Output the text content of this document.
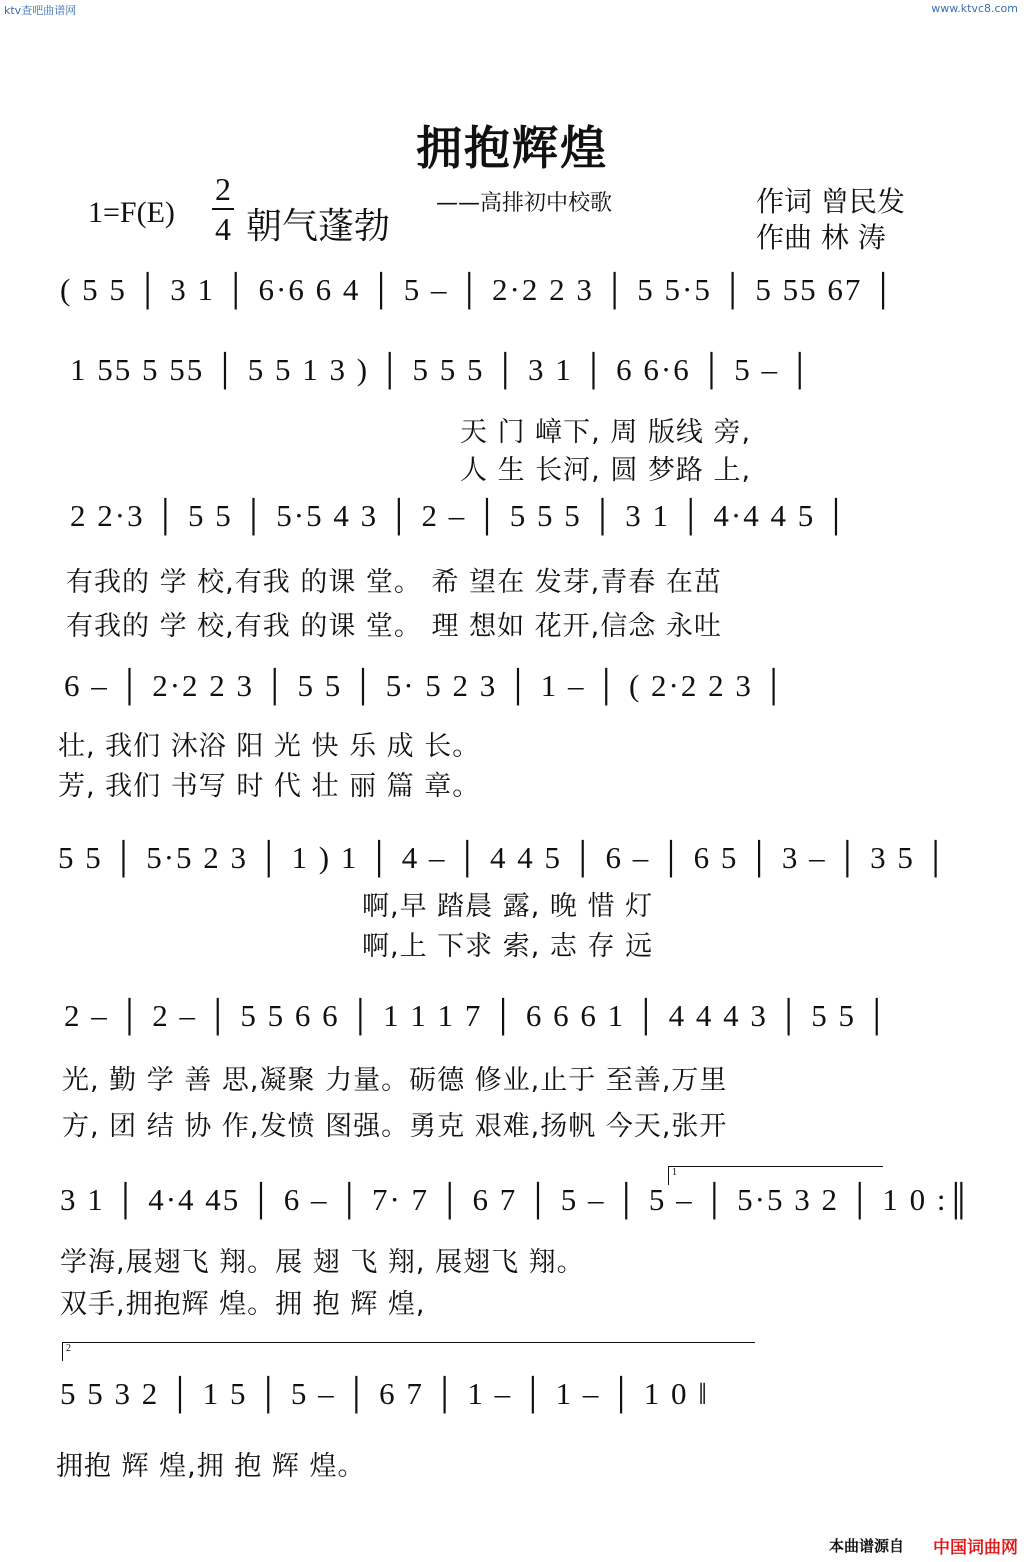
ktv查吧曲谱网	www.ktvc8.com
拥抱辉煌
1=F(E)
2
4 朝气蓬勃
——高排初中校歌	作词 曾民发
作曲 林 涛
( 5 5 │ 3 1 │ 6·6 6 4 │ 5 – │ 2·2 2 3 │ 5 5·5 │ 5 55 67 │
1 55 5 55 │ 5 5 1 3 ) │ 5 5 5 │ 3 1 │ 6 6·6 │ 5 – │
天 门 嶂下, 周 版线 旁,
人 生 长河, 圆 梦路 上,
2 2·3 │ 5 5 │ 5·5 4 3 │ 2 – │ 5 5 5 │ 3 1 │ 4·4 4 5 │
有我的 学 校,有我 的课 堂。 希 望在 发芽,青春 在茁
有我的 学 校,有我 的课 堂。 理 想如 花开,信念 永吐
6 – │ 2·2 2 3 │ 5 5 │ 5· 5 2 3 │ 1 – │ ( 2·2 2 3 │
壮, 我们 沐浴 阳 光 快 乐 成 长。
芳, 我们 书写 时 代 壮 丽 篇 章。
5 5 │ 5·5 2 3 │ 1 ) 1 │ 4 – │ 4 4 5 │ 6 – │ 6 5 │ 3 – │ 3 5 │
啊,早 踏晨 露, 晚 惜 灯
啊,上 下求 索, 志 存 远
2 – │ 2 – │ 5 5 6 6 │ 1 1 1 7 │ 6 6 6 1 │ 4 4 4 3 │ 5 5 │
光, 勤 学 善 思,凝聚 力量。砺德 修业,止于 至善,万里
方, 团 结 协 作,发愤 图强。勇克 艰难,扬帆 今天,张开
1
3 1 │ 4·4 45 │ 6 – │ 7· 7 │ 6 7 │ 5 – │ 5 – │ 5·5 3 2 │ 1 0 :║
学海,展翅飞 翔。展 翅 飞 翔, 展翅飞 翔。
双手,拥抱辉 煌。拥 抱 辉 煌,
2
5 5 3 2 │ 1 5 │ 5 – │ 6 7 │ 1 – │ 1 – │ 1 0 ‖
拥抱 辉 煌,拥 抱 辉 煌。
本曲谱源自 中国词曲网
